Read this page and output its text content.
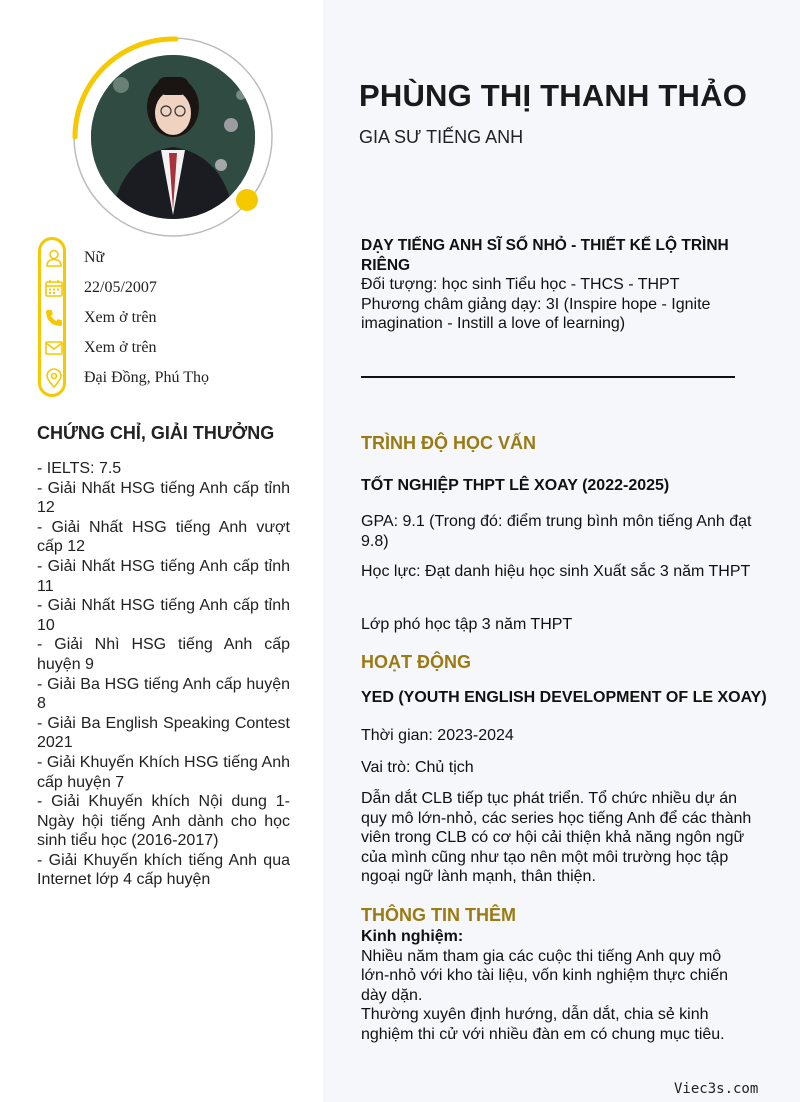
Nữ
22/05/2007
Xem ở trên
Xem ở trên
Đại Đồng, Phú Thọ
CHỨNG CHỈ, GIẢI THƯỞNG
- IELTS: 7.5
- Giải Nhất HSG tiếng Anh cấp tỉnh 12
- Giải Nhất HSG tiếng Anh vượt cấp 12
- Giải Nhất HSG tiếng Anh cấp tỉnh 11
- Giải Nhất HSG tiếng Anh cấp tỉnh 10
- Giải Nhì HSG tiếng Anh cấp huyện 9
- Giải Ba HSG tiếng Anh cấp huyện 8
- Giải Ba English Speaking Contest 2021
- Giải Khuyến Khích HSG tiếng Anh cấp huyện 7
- Giải Khuyến khích Nội dung 1- Ngày hội tiếng Anh dành cho học sinh tiểu học (2016-2017)
- Giải Khuyến khích tiếng Anh qua Internet lớp 4 cấp huyện
PHÙNG THỊ THANH THẢO
GIA SƯ TIẾNG ANH
DẠY TIẾNG ANH SĨ SỐ NHỎ - THIẾT KẾ LỘ TRÌNH RIÊNG
Đối tượng: học sinh Tiểu học - THCS - THPT
Phương châm giảng dạy: 3I (Inspire hope - Ignite imagination - Instill a love of learning)
TRÌNH ĐỘ HỌC VẤN
TỐT NGHIỆP THPT LÊ XOAY (2022-2025)
GPA: 9.1 (Trong đó: điểm trung bình môn tiếng Anh đạt 9.8)
Học lực: Đạt danh hiệu học sinh Xuất sắc 3 năm THPT
Lớp phó học tập 3 năm THPT
HOẠT ĐỘNG
YED (YOUTH ENGLISH DEVELOPMENT OF LE XOAY)
Thời gian: 2023-2024
Vai trò: Chủ tịch
Dẫn dắt CLB tiếp tục phát triển. Tổ chức nhiều dự án quy mô lớn-nhỏ, các series học tiếng Anh để các thành viên trong CLB có cơ hội cải thiện khả năng ngôn ngữ của mình cũng như tạo nên một môi trường học tập ngoại ngữ lành mạnh, thân thiện.
THÔNG TIN THÊM
Kinh nghiệm:
Nhiều năm tham gia các cuộc thi tiếng Anh quy mô lớn-nhỏ với kho tài liệu, vốn kinh nghiệm thực chiến dày dặn.
Thường xuyên định hướng, dẫn dắt, chia sẻ kinh nghiệm thi cử với nhiều đàn em có chung mục tiêu.
Viec3s.com
